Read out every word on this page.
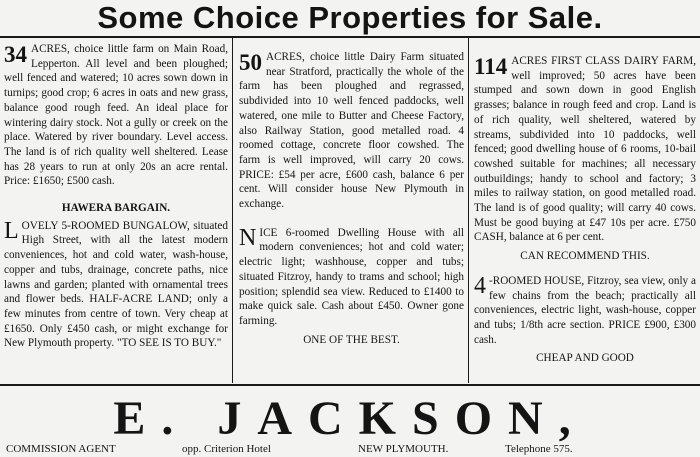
Some Choice Properties for Sale.

34 ACRES, choice little farm on Main Road, Lepperton. All level and been ploughed; well fenced and watered; 10 acres sown down in turnips; good crop; 6 acres in oats and new grass, balance good rough feed. An ideal place for wintering dairy stock. Not a gully or creek on the place. Watered by river boundary. Level access. The land is of rich quality well sheltered. Lease has 28 years to run at only 20s an acre rental. Price: £1650; £500 cash.

HAWERA BARGAIN.

L OVELY 5-ROOMED BUNGALOW, situated High Street, with all the latest modern conveniences, hot and cold water, wash-house, copper and tubs, drainage, concrete paths, nice lawns and garden; planted with ornamental trees and flower beds. HALF-ACRE LAND; only a few minutes from centre of town. Very cheap at £1650. Only £450 cash, or might exchange for New Plymouth property. "TO SEE IS TO BUY."

50 ACRES, choice little Dairy Farm situated near Stratford, practically the whole of the farm has been ploughed and regrassed, subdivided into 10 well fenced paddocks, well watered, one mile to Butter and Cheese Factory, also Railway Station, good metalled road. 4 roomed cottage, concrete floor cowshed. The farm is well improved, will carry 20 cows. PRICE: £54 per acre, £600 cash, balance 6 per cent. Will consider house New Plymouth in exchange.

N ICE 6-roomed Dwelling House with all modern conveniences; hot and cold water; electric light; washhouse, copper and tubs; situated Fitzroy, handy to trams and school; high position; splendid sea view. Reduced to £1400 to make quick sale. Cash about £450. Owner gone farming.

ONE OF THE BEST.

114 ACRES FIRST CLASS DAIRY FARM, well improved; 50 acres have been stumped and sown down in good English grasses; balance in rough feed and crop. Land is of rich quality, well sheltered, watered by streams, subdivided into 10 paddocks, well fenced; good dwelling house of 6 rooms, 10-bail cowshed suitable for machines; all necessary outbuildings; handy to school and factory; 3 miles to railway station, on good metalled road. The land is of good quality; will carry 40 cows. Must be good buying at £47 10s per acre. £750 CASH, balance at 6 per cent.

CAN RECOMMEND THIS.

4 -ROOMED HOUSE, Fitzroy, sea view, only a few chains from the beach; practically all conveniences, electric light, wash-house, copper and tubs; 1/8th acre section. PRICE £900, £300 cash.

CHEAP AND GOOD

E. JACKSON,
COMMISSION AGENT	opp. Criterion Hotel	NEW PLYMOUTH.	Telephone 575.
